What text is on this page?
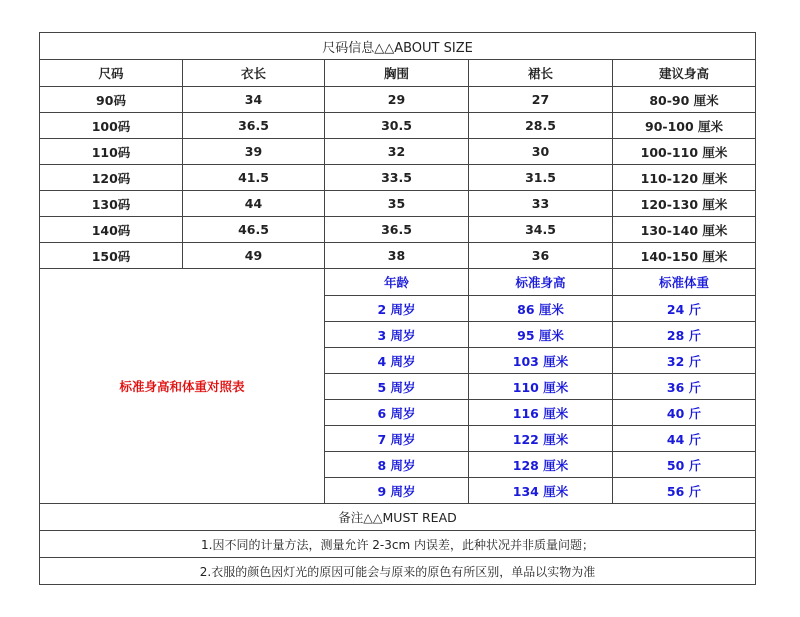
尺码信息△△ABOUT SIZE				
尺码	衣长	胸围	裙长	建议身高
90码	34	29	27	80-90 厘米
100码	36.5	30.5	28.5	90-100 厘米
110码	39	32	30	100-110 厘米
120码	41.5	33.5	31.5	110-120 厘米
130码	44	35	33	120-130 厘米
140码	46.5	36.5	34.5	130-140 厘米
150码	49	38	36	140-150 厘米
标准身高和体重对照表		年龄	标准身高	标准体重
		2 周岁	86 厘米	24 斤
		3 周岁	95 厘米	28 斤
		4 周岁	103 厘米	32 斤
		5 周岁	110 厘米	36 斤
		6 周岁	116 厘米	40 斤
		7 周岁	122 厘米	44 斤
		8 周岁	128 厘米	50 斤
		9 周岁	134 厘米	56 斤
备注△△MUST READ				
1.因不同的计量方法，测量允许 2-3cm 内误差，此种状况并非质量问题；				
2.衣服的颜色因灯光的原因可能会与原来的原色有所区别，单品以实物为准				
